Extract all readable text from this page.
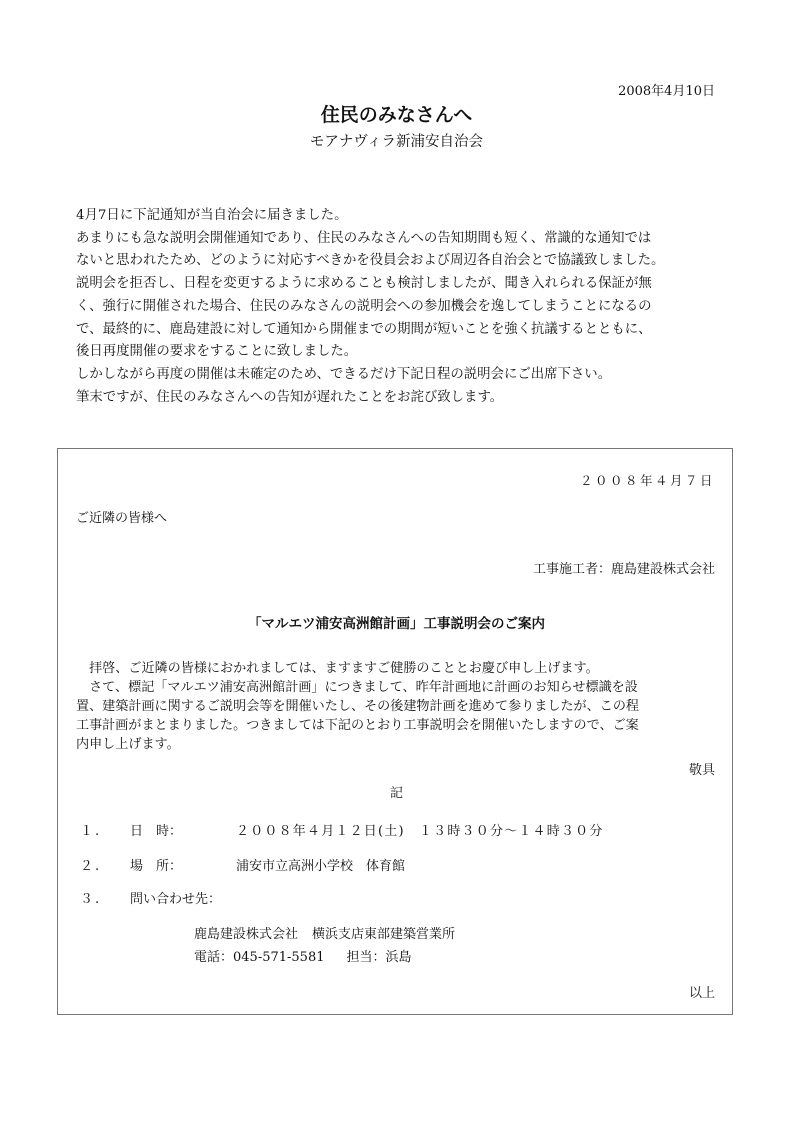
2008年4月10日
住民のみなさんへ
モアナヴィラ新浦安自治会

4月7日に下記通知が当自治会に届きました。

あまりにも急な説明会開催通知であり、住民のみなさんへの告知期間も短く、常識的な通知では

ないと思われたため、どのように対応すべきかを役員会および周辺各自治会とで協議致しました。

説明会を拒否し、日程を変更するように求めることも検討しましたが、聞き入れられる保証が無

く、強行に開催された場合、住民のみなさんの説明会への参加機会を逸してしまうことになるの

で、最終的に、鹿島建設に対して通知から開催までの期間が短いことを強く抗議するとともに、

後日再度開催の要求をすることに致しました。

しかしながら再度の開催は未確定のため、できるだけ下記日程の説明会にご出席下さい。

筆末ですが、住民のみなさんへの告知が遅れたことをお詫び致します。

２００８年４月７日
ご近隣の皆様へ
工事施工者：鹿島建設株式会社
「マルエツ浦安高洲館計画」工事説明会のご案内

　拝啓、ご近隣の皆様におかれましては、ますますご健勝のこととお慶び申し上げます。

　さて、標記「マルエツ浦安高洲館計画」につきまして、昨年計画地に計画のお知らせ標識を設

置、建築計画に関するご説明会等を開催いたし、その後建物計画を進めて参りましたが、この程

工事計画がまとまりました。つきましては下記のとおり工事説明会を開催いたしますので、ご案

内申し上げます。

敬具
記
１. 日　時：	２００８年４月１２日(土)　１３時３０分～１４時３０分
２. 場　所：	浦安市立高洲小学校　体育館
３. 問い合わせ先：
鹿島建設株式会社 横浜支店東部建築営業所
電話：045-571-5581 担当：浜島
以上
